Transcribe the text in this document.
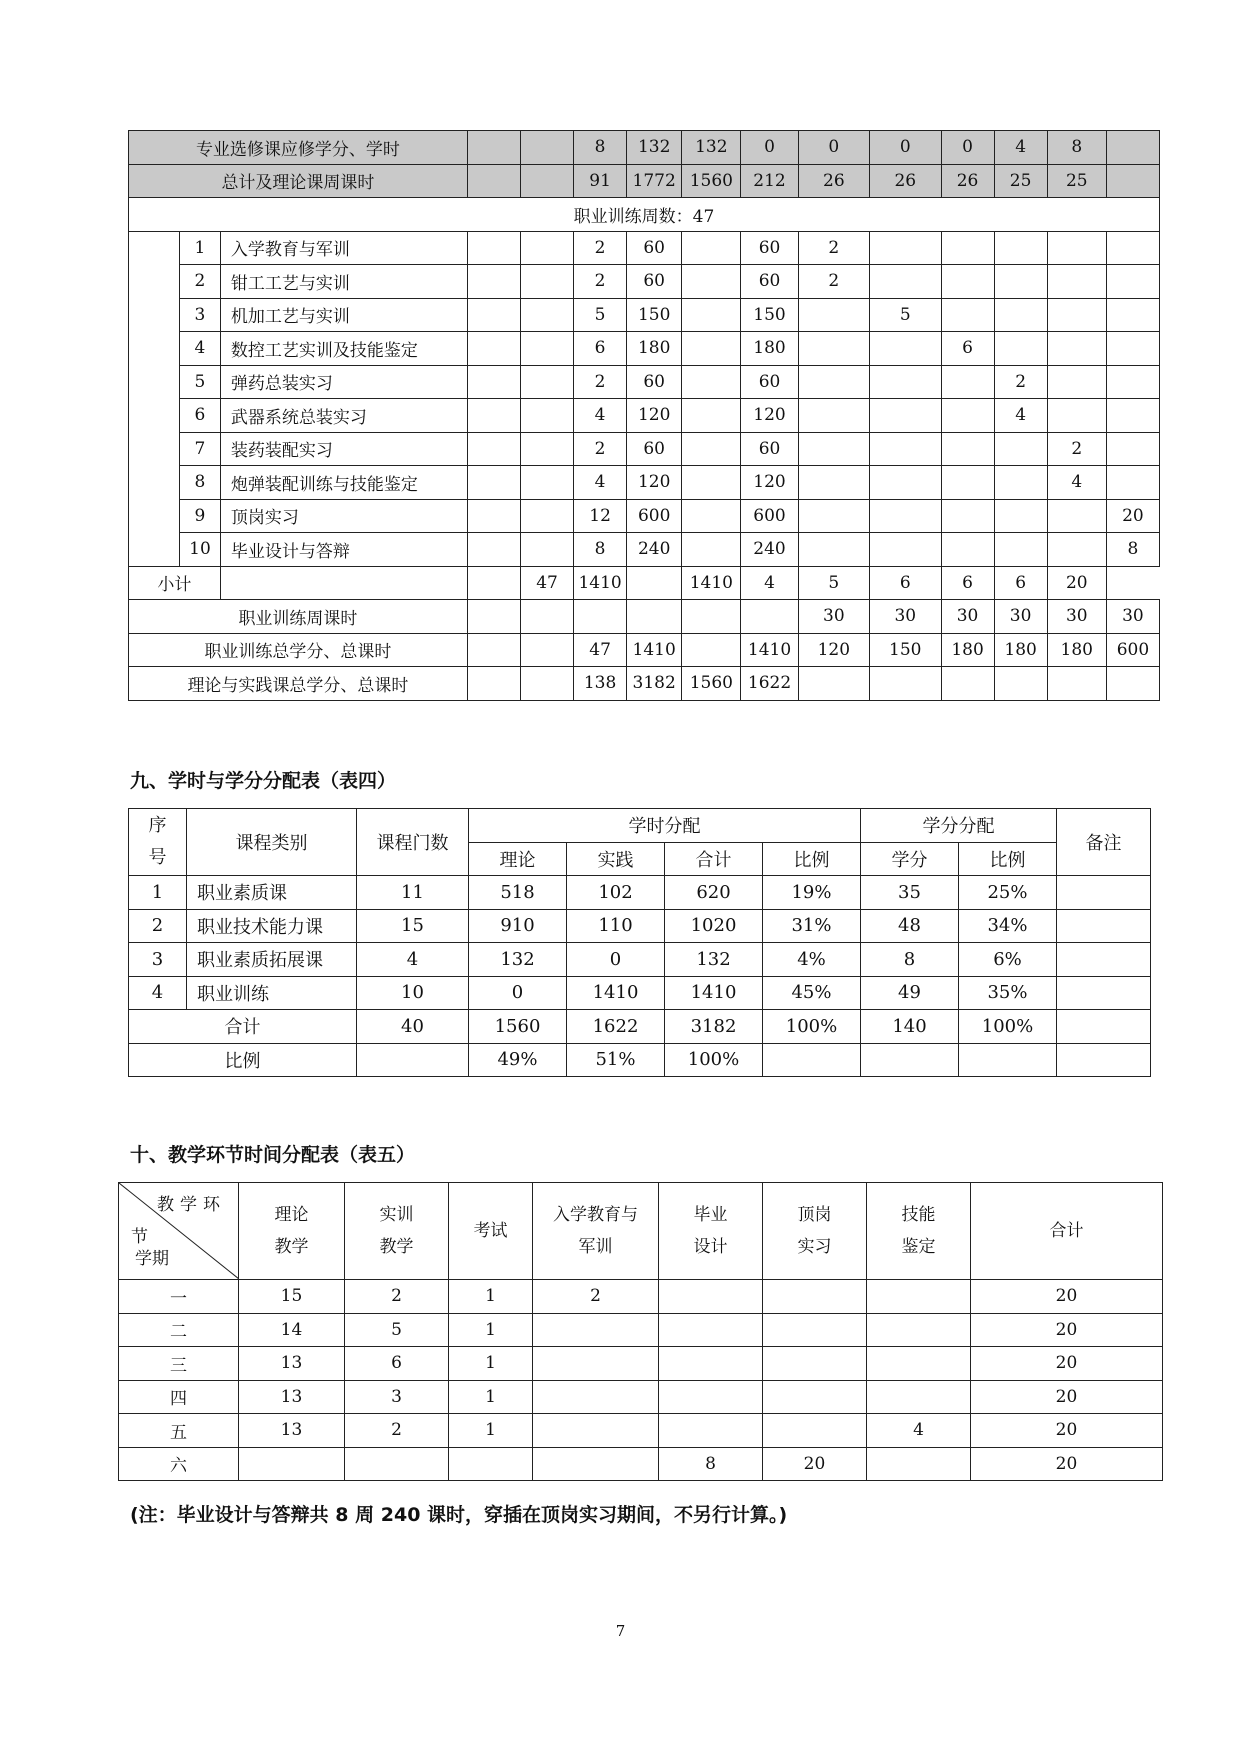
专业选修课应修学分、学时					8	132	132	0	0	0	0	4	8	
总计及理论课周课时					91	1772	1560	212	26	26	26	25	25	
职业训练周数：47														
	1	入学教育与军训			2	60		60	2					
	2	钳工工艺与实训			2	60		60	2					
	3	机加工艺与实训			5	150		150		5				
	4	数控工艺实训及技能鉴定			6	180		180			6			
	5	弹药总装实习			2	60		60				2		
	6	武器系统总装实习			4	120		120				4		
	7	装药装配实习			2	60		60					2	
	8	炮弹装配训练与技能鉴定			4	120		120					4	
	9	顶岗实习			12	600		600						20
	10	毕业设计与答辩			8	240		240						8
小计				47	1410		1410	4	5	6	6	6	20	
职业训练周课时									30	30	30	30	30	30
职业训练总学分、总课时					47	1410		1410	120	150	180	180	180	600
理论与实践课总学分、总课时					138	3182	1560	1622						
九、学时与学分分配表（表四）
序
号	课程类别	课程门数	学时分配				学分分配		备注
			理论	实践	合计	比例	学分	比例	
1	职业素质课	11	518	102	620	19%	35	25%	
2	职业技术能力课	15	910	110	1020	31%	48	34%	
3	职业素质拓展课	4	132	0	132	4%	8	6%	
4	职业训练	10	0	1410	1410	45%	49	35%	
合计		40	1560	1622	3182	100%	140	100%	
比例			49%	51%	100%				
十、教学环节时间分配表（表五）
教学环
节
学期	理论
教学	实训
教学	考试	入学教育与
军训	毕业
设计	顶岗
实习	技能
鉴定	合计
一	15	2	1	2				20
二	14	5	1					20
三	13	6	1					20
四	13	3	1					20
五	13	2	1				4	20
六					8	20		20
(注：毕业设计与答辩共 8 周 240 课时，穿插在顶岗实习期间，不另行计算。)
7
